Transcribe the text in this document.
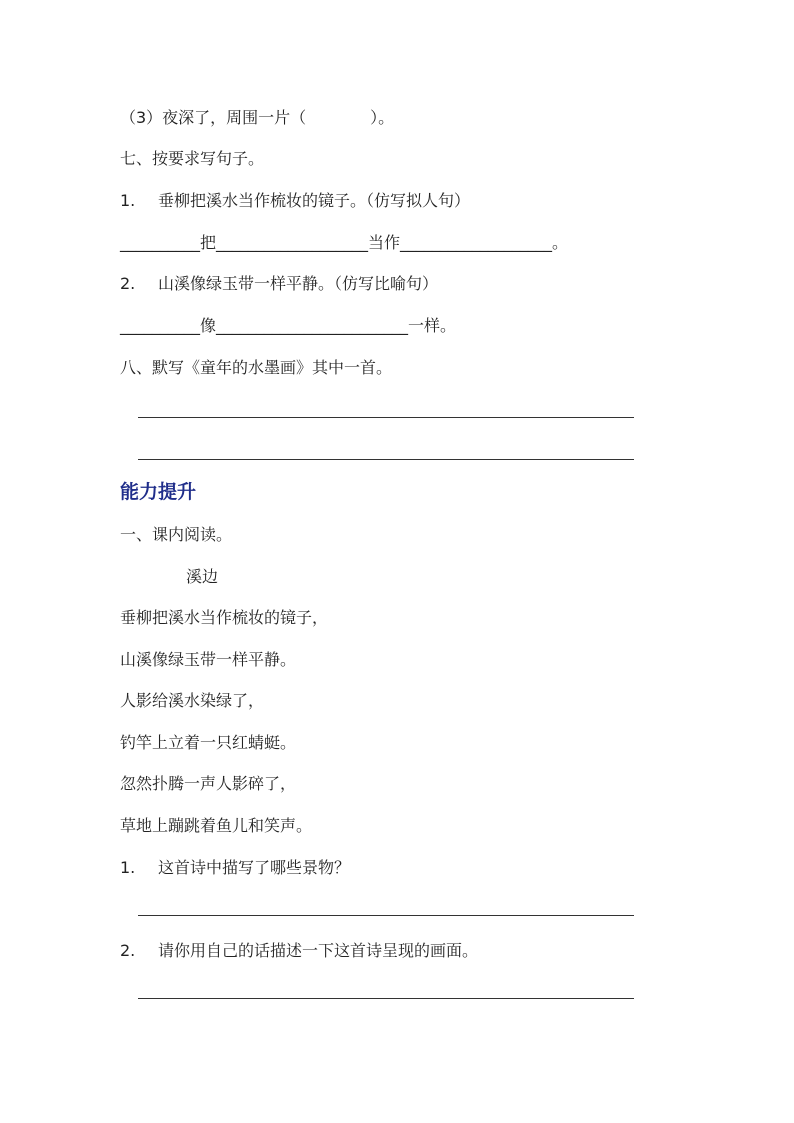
（3）夜深了，周围一片（　　　　）。
七、按要求写句子。
1. 垂柳把溪水当作梳妆的镜子。（仿写拟人句）
__________把___________________当作___________________。
2. 山溪像绿玉带一样平静。（仿写比喻句）
__________像________________________一样。
八、默写《童年的水墨画》其中一首。
能力提升
一、课内阅读。
溪边
垂柳把溪水当作梳妆的镜子，
山溪像绿玉带一样平静。
人影给溪水染绿了，
钓竿上立着一只红蜻蜓。
忽然扑腾一声人影碎了，
草地上蹦跳着鱼儿和笑声。
1. 这首诗中描写了哪些景物？
2. 请你用自己的话描述一下这首诗呈现的画面。
